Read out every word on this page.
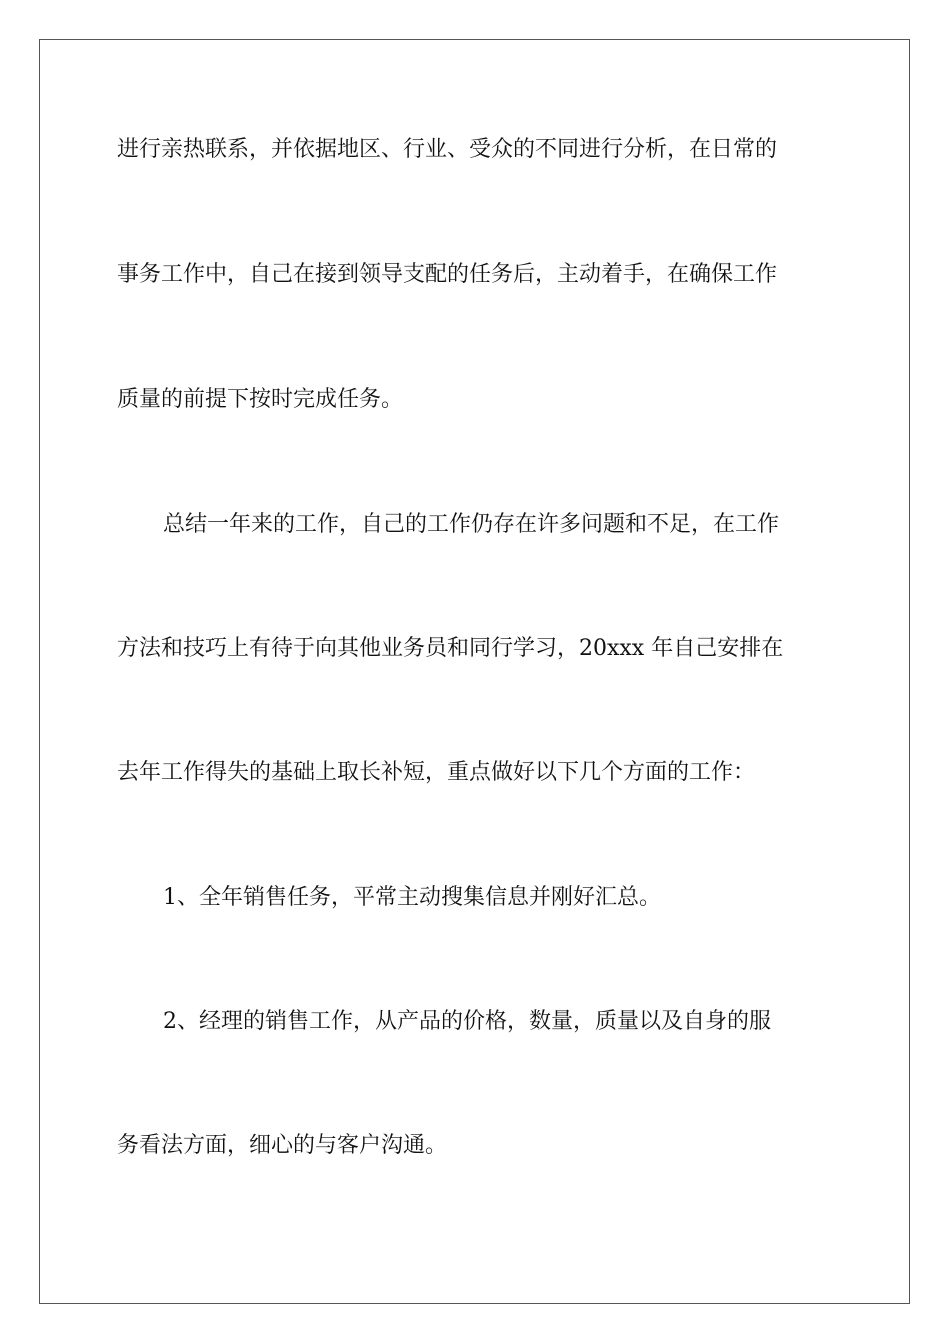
进行亲热联系，并依据地区、行业、受众的不同进行分析，在日常的
事务工作中，自己在接到领导支配的任务后，主动着手，在确保工作
质量的前提下按时完成任务。
总结一年来的工作，自己的工作仍存在许多问题和不足，在工作
方法和技巧上有待于向其他业务员和同行学习，20xxx 年自己安排在
去年工作得失的基础上取长补短，重点做好以下几个方面的工作：
1、全年销售任务，平常主动搜集信息并刚好汇总。
2、经理的销售工作，从产品的价格，数量，质量以及自身的服
务看法方面，细心的与客户沟通。
